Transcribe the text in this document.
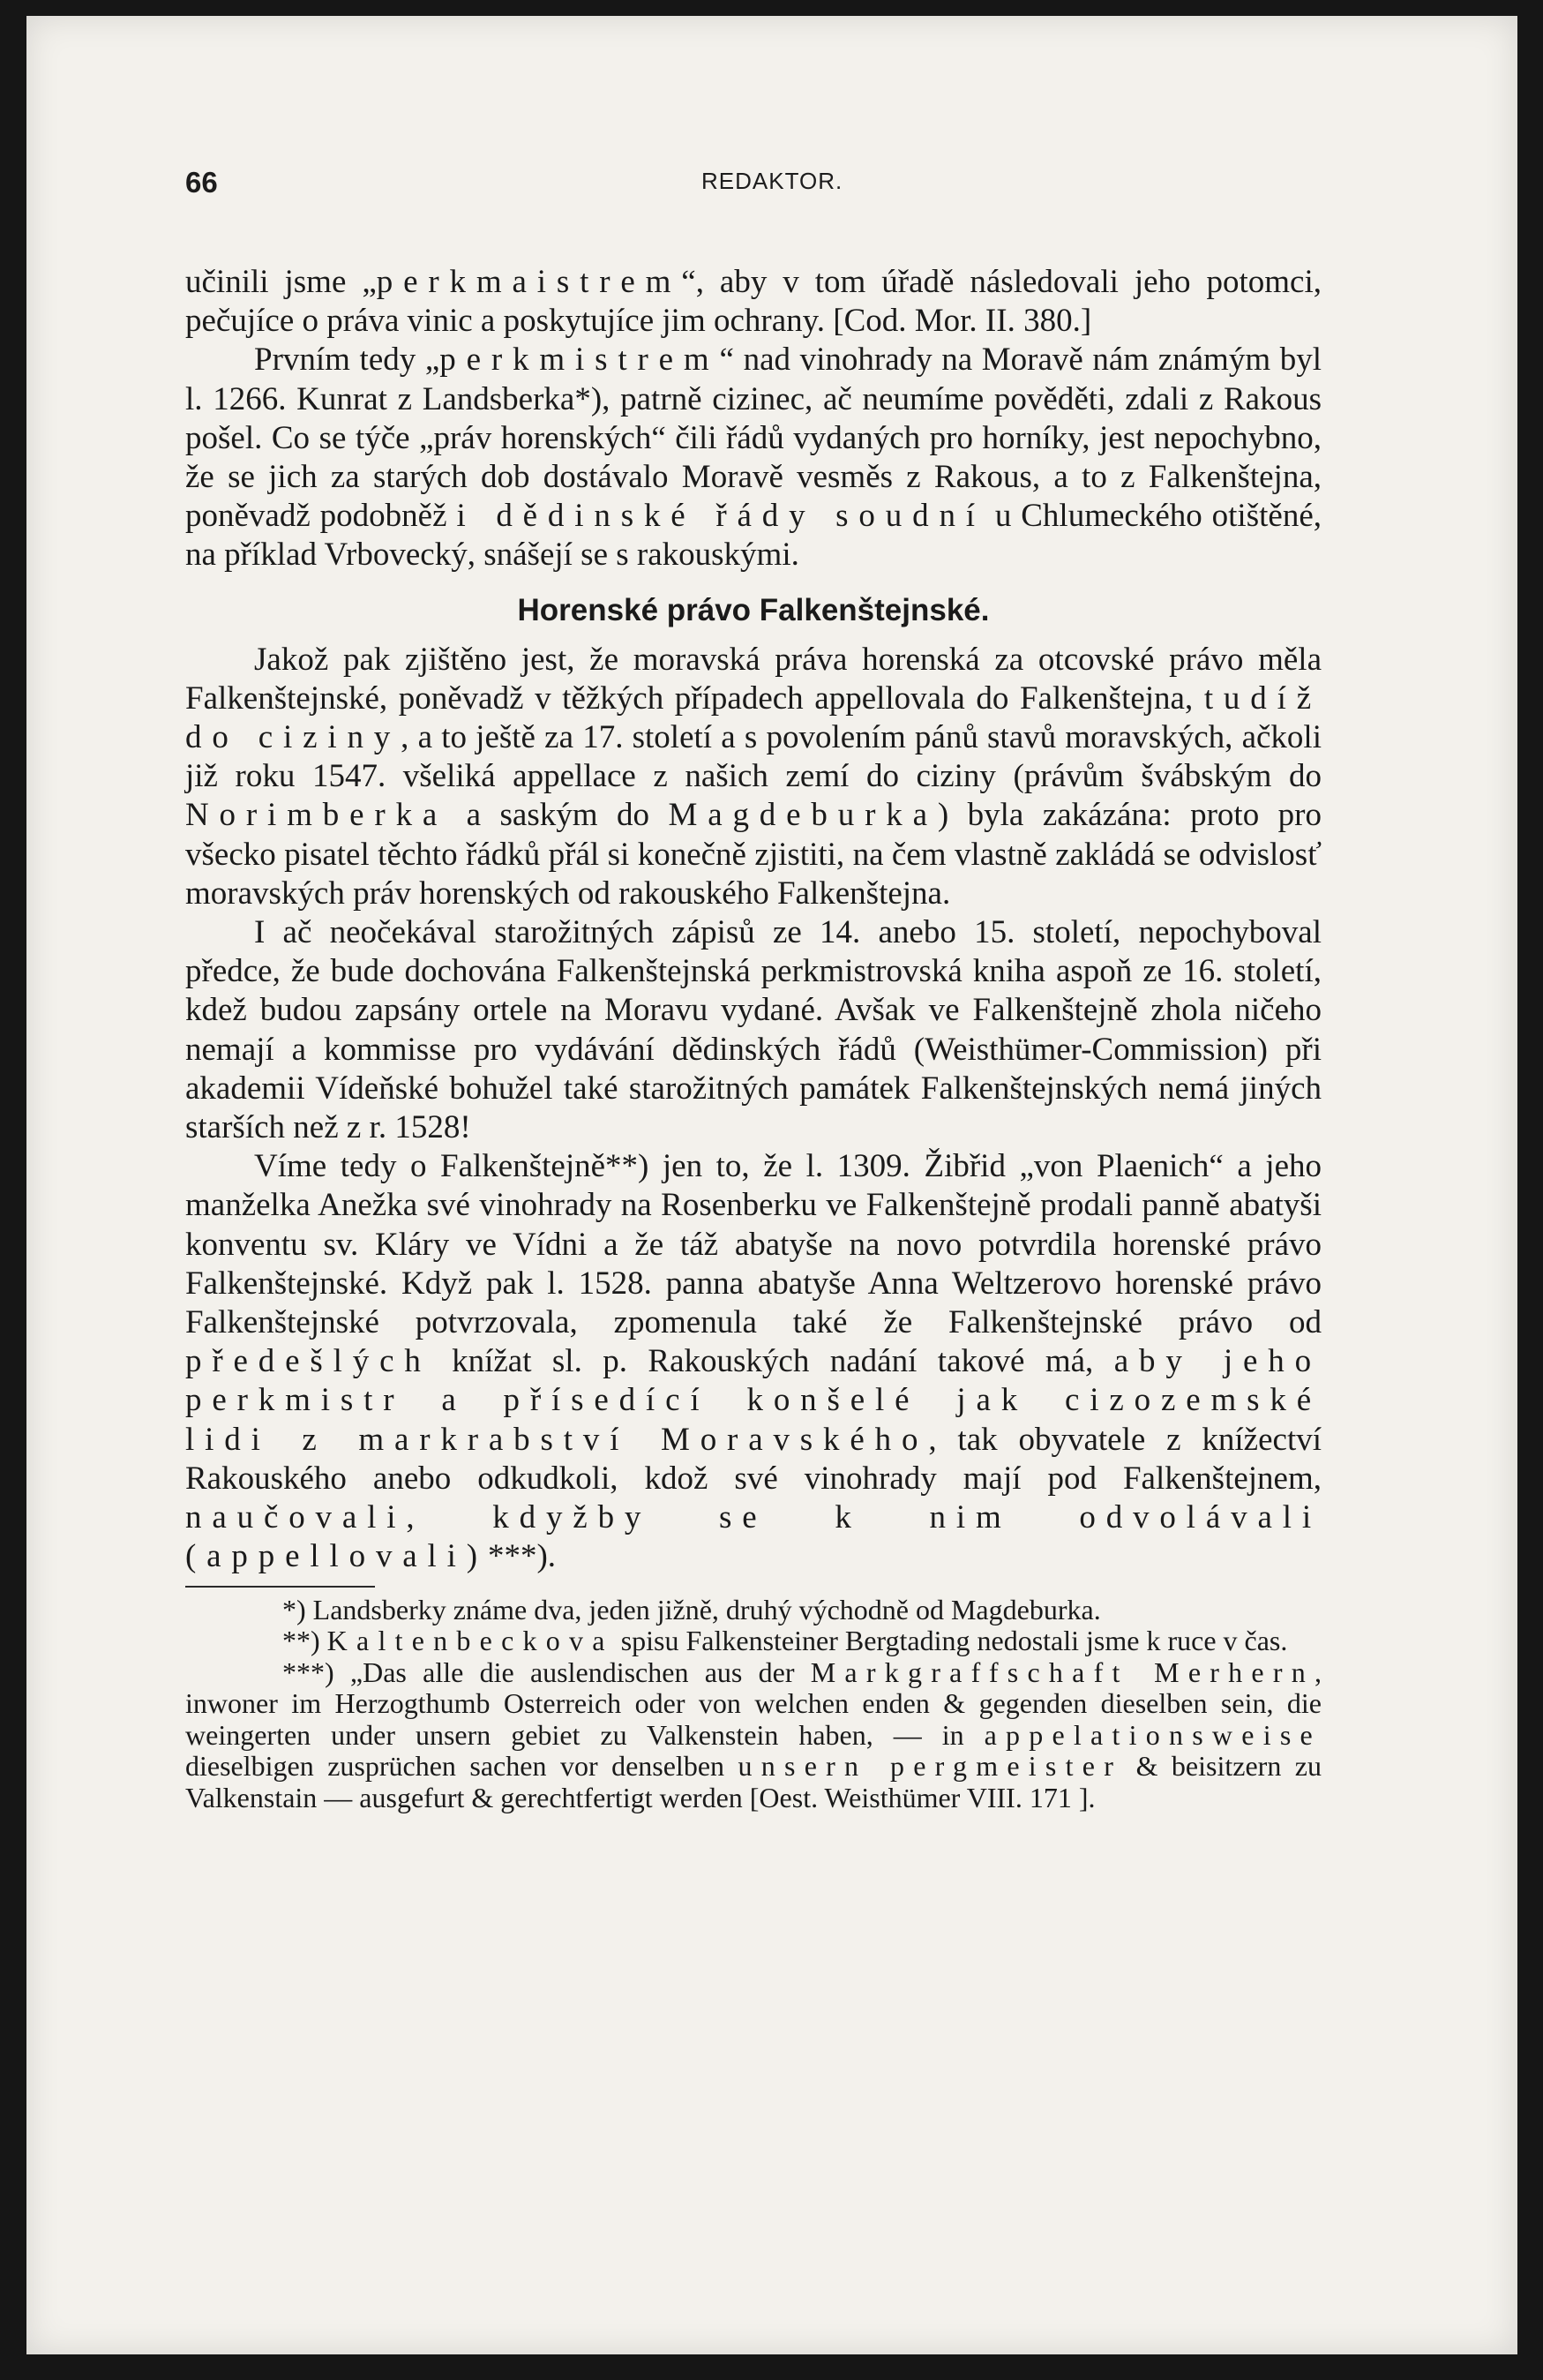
66	REDAKTOR.

učinili jsme „perkmaistrem“, aby v tom úřadě následovali jeho potomci, pečujíce o práva vinic a poskytujíce jim ochrany. [Cod. Mor. II. 380.]

Prvním tedy „perkmistrem“ nad vinohrady na Moravě nám známým byl l. 1266. Kunrat z Landsberka*), patrně cizinec, ač neumíme pověděti, zdali z Rakous pošel. Co se týče „práv horenských“ čili řádů vydaných pro horníky, jest nepochybno, že se jich za starých dob dostávalo Moravě vesměs z Rakous, a to z Falkenštejna, poněvadž podobněž i dědinské řády soudní u Chlumeckého otištěné, na příklad Vrbovecký, snášejí se s rakouskými.

Horenské právo Falkenštejnské.

Jakož pak zjištěno jest, že moravská práva horenská za otcovské právo měla Falkenštejnské, poněvadž v těžkých případech appellovala do Falkenštejna, tudíž do ciziny, a to ještě za 17. století a s povolením pánů stavů moravských, ačkoli již roku 1547. všeliká appellace z našich zemí do ciziny (právům švábským do Norimberka a saským do Magdeburka) byla zakázána: proto pro všecko pisatel těchto řádků přál si konečně zjistiti, na čem vlastně zakládá se odvislosť moravských práv horenských od rakouského Falkenštejna.

I ač neočekával starožitných zápisů ze 14. anebo 15. století, nepochyboval předce, že bude dochována Falkenštejnská perkmistrovská kniha aspoň ze 16. století, kdež budou zapsány ortele na Moravu vydané. Avšak ve Falkenštejně zhola ničeho nemají a kommisse pro vydávání dědinských řádů (Weisthümer-Commission) při akademii Vídeňské bohužel také starožitných památek Falkenštejnských nemá jiných starších než z r. 1528!

Víme tedy o Falkenštejně**) jen to, že l. 1309. Žibřid „von Plaenich“ a jeho manželka Anežka své vinohrady na Rosenberku ve Falkenštejně prodali panně abatyši konventu sv. Kláry ve Vídni a že táž abatyše na novo potvrdila horenské právo Falkenštejnské. Když pak l. 1528. panna abatyše Anna Weltzerovo horenské právo Falkenštejnské potvrzovala, zpomenula také že Falkenštejnské právo od předešlých knížat sl. p. Rakouských nadání takové má, aby jeho perkmistr a přísedící konšelé jak cizozemské lidi z markrabství Moravského, tak obyvatele z knížectví Rakouského anebo odkudkoli, kdož své vinohrady mají pod Falkenštejnem, naučovali, kdyžby se k nim odvolávali (appellovali)***).

*) Landsberky známe dva, jeden jižně, druhý východně od Magdeburka.

**) Kaltenbeckova spisu Falkensteiner Bergtading nedostali jsme k ruce v čas.

***) „Das alle die auslendischen aus der Markgraffschaft Merhern, inwoner im Herzogthumb Osterreich oder von welchen enden & gegenden dieselben sein, die weingerten under unsern gebiet zu Valkenstein haben, — in appelationsweise dieselbigen zusprüchen sachen vor denselben unsern pergmeister & beisitzern zu Valkenstain — ausgefurt & gerechtfertigt werden [Oest. Weisthümer VIII. 171 ].
